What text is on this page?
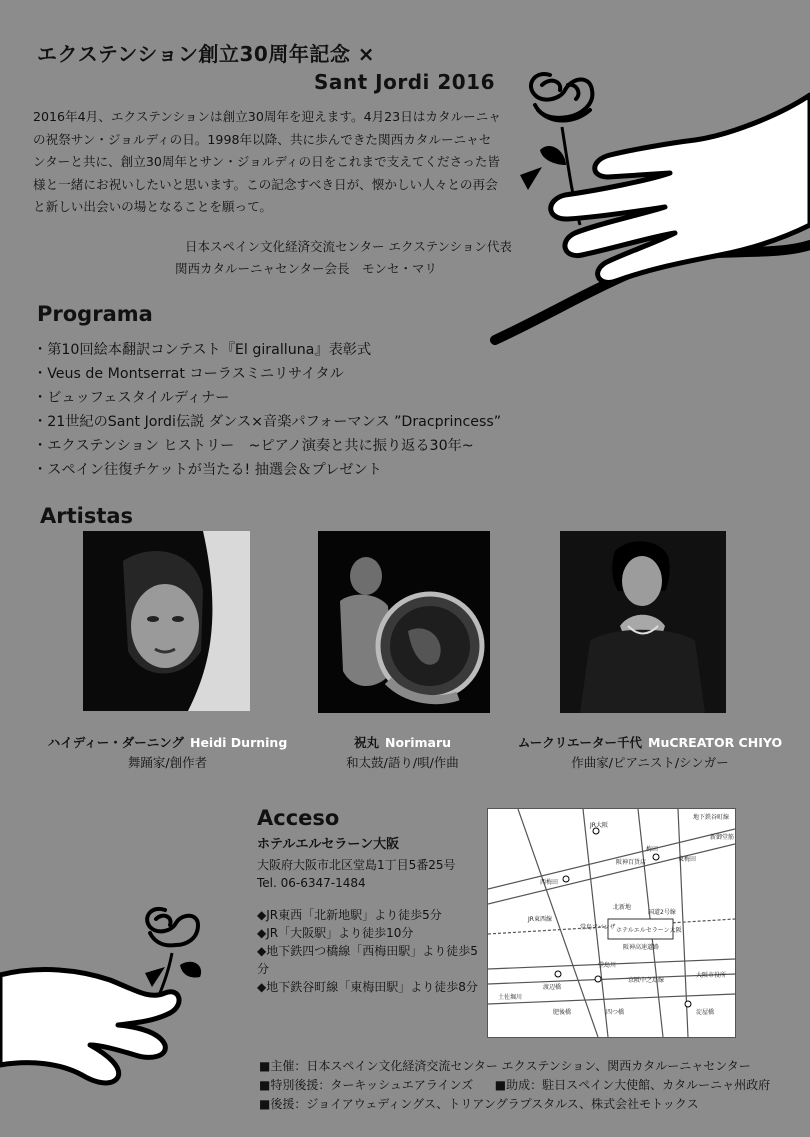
エクステンション創立30周年記念 ×
Sant Jordi 2016
2016年4月、エクステンションは創立30周年を迎えます。4月23日はカタルーニャの祝祭サン・ジョルディの日。1998年以降、共に歩んできた関西カタルーニャセンターと共に、創立30周年とサン・ジョルディの日をこれまで支えてくださった皆様と一緒にお祝いしたいと思います。この記念すべき日が、懐かしい人々との再会と新しい出会いの場となることを願って。
日本スペイン文化経済交流センター エクステンション代表
関西カタルーニャセンター会長　モンセ・マリ
Programa
・第10回絵本翻訳コンテスト『El giralluna』表彰式
・Veus de Montserrat コーラスミニリサイタル
・ビュッフェスタイルディナー
・21世紀のSant Jordi伝説 ダンス×音楽パフォーマンス ”Dracprincess”
・エクステンション ヒストリー　~ピアノ演奏と共に振り返る30年~
・スペイン往復チケットが当たる! 抽選会＆プレゼント
Artistas
ハイディー・ダーニング Heidi Durning
舞踊家/創作者
祝丸 Norimaru
和太鼓/語り/唄/作曲
ムークリエーター千代 MuCREATOR CHIYO
作曲家/ピアニスト/シンガー
Acceso
ホテルエルセラーン大阪
大阪府大阪市北区堂島1丁目5番25号
Tel. 06-6347-1484
◆JR東西「北新地駅」より徒歩5分
◆JR「大阪駅」より徒歩10分
◆地下鉄四つ橋線「西梅田駅」より徒歩5分
◆地下鉄谷町線「東梅田駅」より徒歩8分
JR大阪
梅田
東梅田
地下鉄谷町線
西梅田
北新地
JR東西線
堂島アバンザ ホテルエルセラーン大阪
堂島川
阪神高速道路
国道2号線
大阪市役所
京阪中之島線
渡辺橋
肥後橋	四つ橋	淀屋橋
土佐堀川
新御堂筋
阪神百貨店
■主催：日本スペイン文化経済交流センター エクステンション、関西カタルーニャセンター
■特別後援：ターキッシュエアラインズ ■助成：駐日スペイン大使館、カタルーニャ州政府
■後援：ジョイアウェディングス、トリアングラプスタルス、株式会社モトックス
